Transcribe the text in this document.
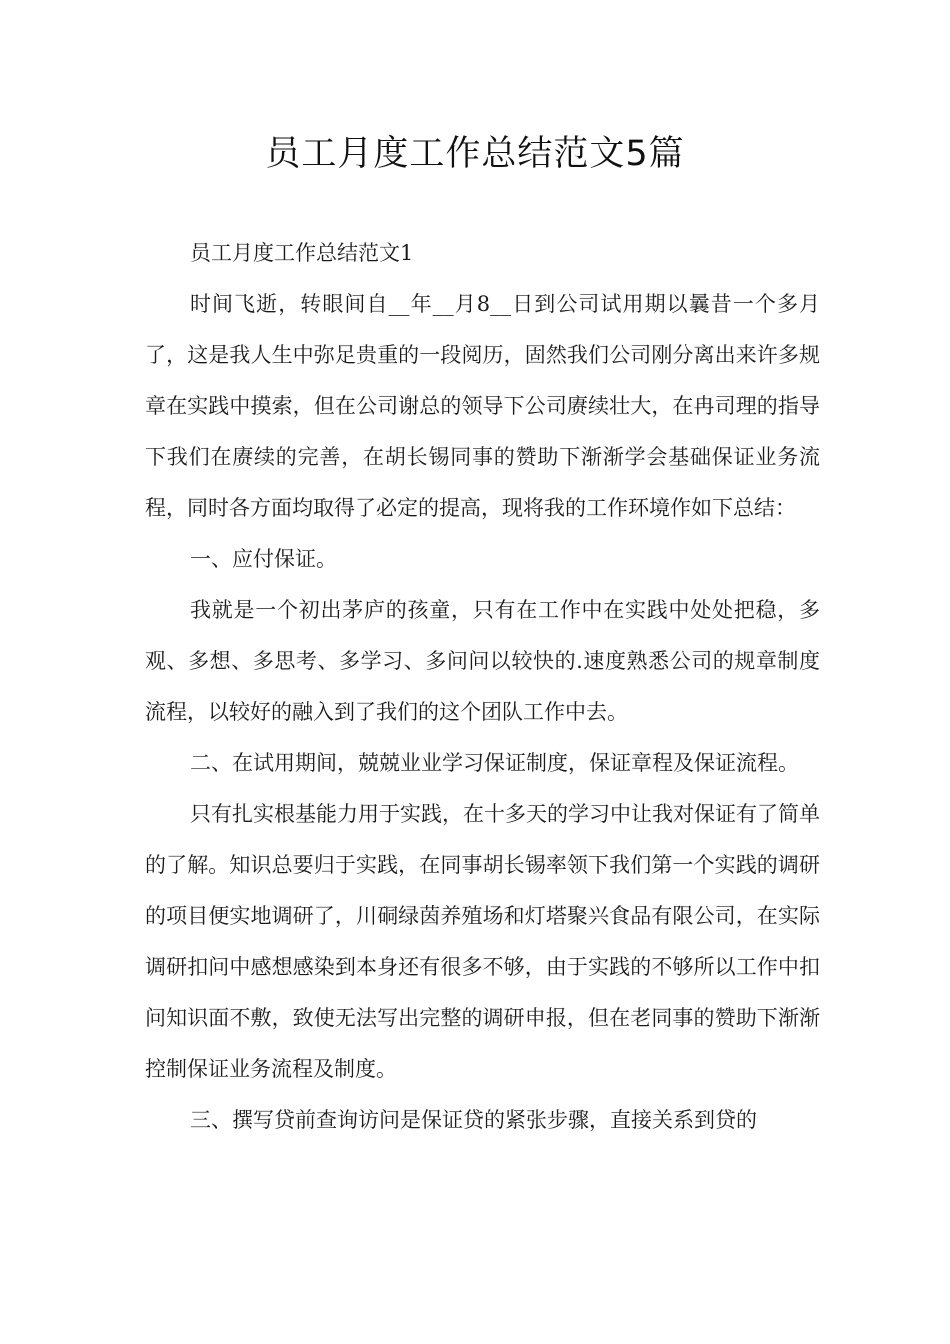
员工月度工作总结范文5篇

员工月度工作总结范文1

时间飞逝，转眼间自__年__月8__日到公司试用期以曩昔一个多月了，这是我人生中弥足贵重的一段阅历，固然我们公司刚分离出来许多规章在实践中摸索，但在公司谢总的领导下公司赓续壮大，在冉司理的指导下我们在赓续的完善，在胡长锡同事的赞助下渐渐学会基础保证业务流程，同时各方面均取得了必定的提高，现将我的工作环境作如下总结：

一、应付保证。

我就是一个初出茅庐的孩童，只有在工作中在实践中处处把稳，多观、多想、多思考、多学习、多问问以较快的.速度熟悉公司的规章制度流程，以较好的融入到了我们的这个团队工作中去。

二、在试用期间，兢兢业业学习保证制度，保证章程及保证流程。

只有扎实根基能力用于实践，在十多天的学习中让我对保证有了简单的了解。知识总要归于实践，在同事胡长锡率领下我们第一个实践的调研的项目便实地调研了，川硐绿茵养殖场和灯塔聚兴食品有限公司，在实际调研扣问中感想感染到本身还有很多不够，由于实践的不够所以工作中扣问知识面不敷，致使无法写出完整的调研申报，但在老同事的赞助下渐渐控制保证业务流程及制度。

三、撰写贷前查询访问是保证贷的紧张步骤，直接关系到贷的
